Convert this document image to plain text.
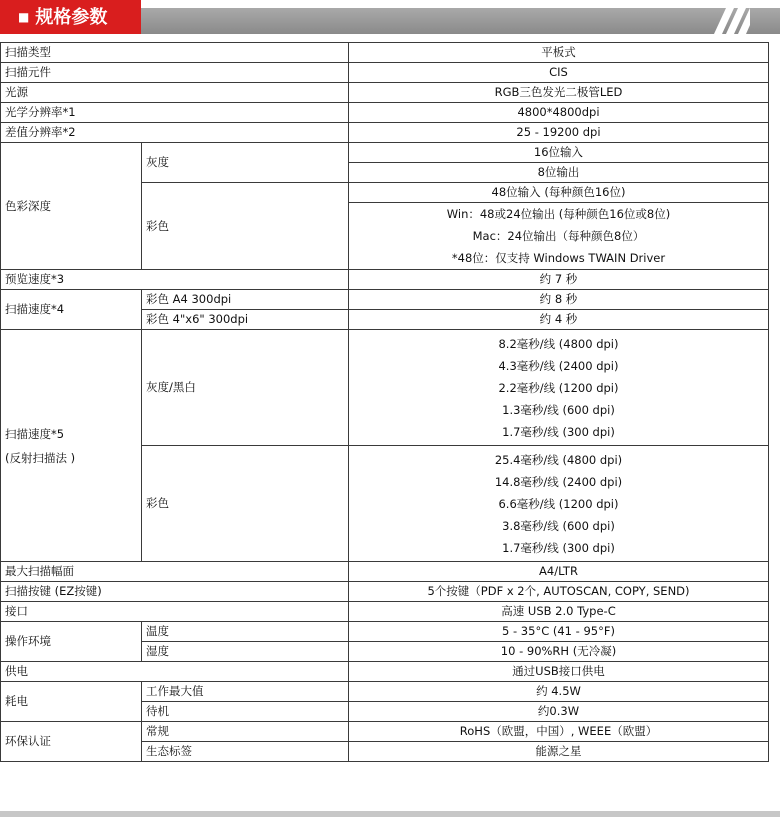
■ 规格参数
扫描类型		平板式
扫描元件		CIS
光源		RGB三色发光二极管LED
光学分辨率*1		4800*4800dpi
差值分辨率*2		25 - 19200 dpi
色彩深度	灰度	16位输入
		8位输出
	彩色	48位输入 (每种颜色16位)

		Win：48或24位输出 (每种颜色16位或8位)
Mac：24位输出（每种颜色8位）
*48位：仅支持 Windows TWAIN Driver

预览速度*3		约 7 秒
扫描速度*4	彩色 A4 300dpi	约 8 秒
	彩色 4"x6" 300dpi	约 4 秒

扫描速度*5
(反射扫描法 )	灰度/黑白	8.2毫秒/线 (4800 dpi)
4.3毫秒/线 (2400 dpi)
2.2毫秒/线 (1200 dpi)
1.3毫秒/线 (600 dpi)
1.7毫秒/线 (300 dpi)

	彩色	25.4毫秒/线 (4800 dpi)
14.8毫秒/线 (2400 dpi)
6.6毫秒/线 (1200 dpi)
3.8毫秒/线 (600 dpi)
1.7毫秒/线 (300 dpi)

最大扫描幅面		A4/LTR
扫描按键 (EZ按键)		5个按键（PDF x 2个, AUTOSCAN, COPY, SEND)
接口		高速 USB 2.0 Type-C
操作环境	温度	5 - 35°C (41 - 95°F)
	湿度	10 - 90%RH (无冷凝)
供电		通过USB接口供电
耗电	工作最大值	约 4.5W
	待机	约0.3W
环保认证	常规	RoHS（欧盟，中国）, WEEE（欧盟）
	生态标签	能源之星
